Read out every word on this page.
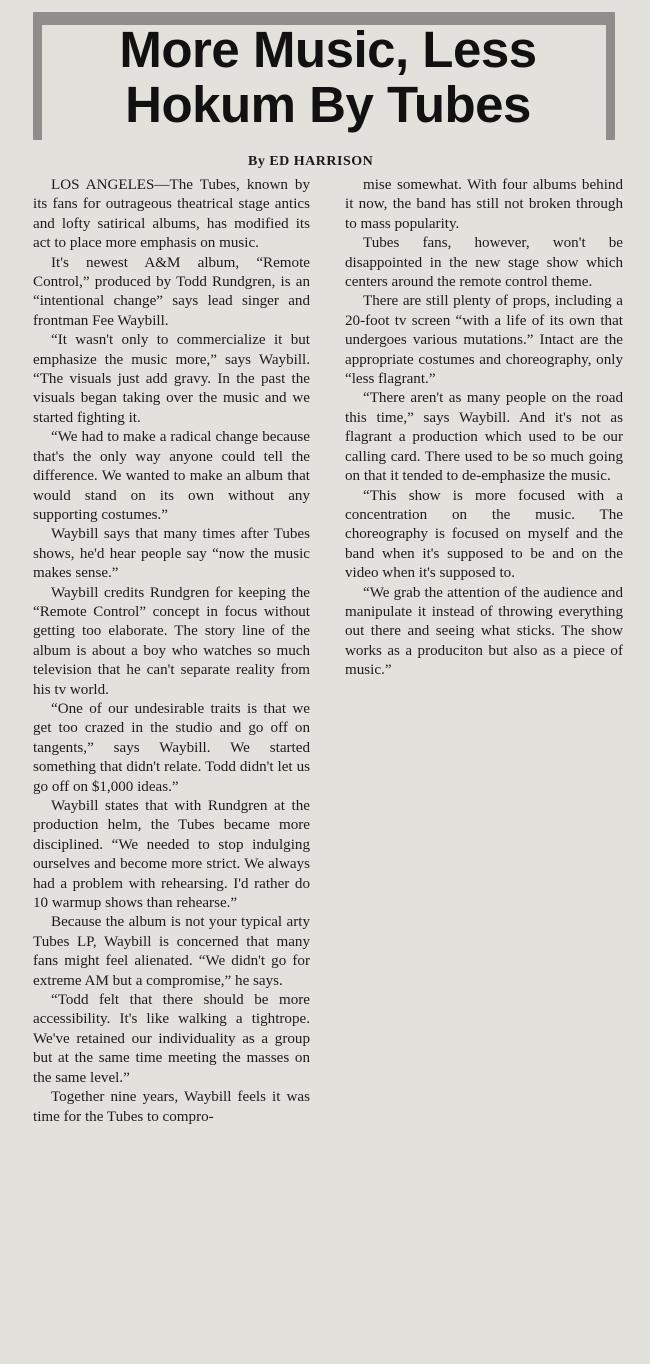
More Music, Less
Hokum By Tubes
By ED HARRISON

LOS ANGELES—The Tubes, known by its fans for outrageous theatrical stage antics and lofty satirical albums, has modified its act to place more emphasis on music.

It's newest A&M album, “Remote Control,” produced by Todd Rundgren, is an “intentional change” says lead singer and frontman Fee Waybill.

“It wasn't only to commercialize it but emphasize the music more,” says Waybill. “The visuals just add gravy. In the past the visuals began taking over the music and we started fighting it.

“We had to make a radical change because that's the only way anyone could tell the difference. We wanted to make an album that would stand on its own without any supporting costumes.”

Waybill says that many times after Tubes shows, he'd hear people say “now the music makes sense.”

Waybill credits Rundgren for keeping the “Remote Control” concept in focus without getting too elaborate. The story line of the album is about a boy who watches so much television that he can't separate reality from his tv world.

“One of our undesirable traits is that we get too crazed in the studio and go off on tangents,” says Waybill. We started something that didn't relate. Todd didn't let us go off on $1,000 ideas.”

Waybill states that with Rundgren at the production helm, the Tubes became more disciplined. “We needed to stop indulging ourselves and become more strict. We always had a problem with rehearsing. I'd rather do 10 warmup shows than rehearse.”

Because the album is not your typical arty Tubes LP, Waybill is concerned that many fans might feel alienated. “We didn't go for extreme AM but a compromise,” he says.

“Todd felt that there should be more accessibility. It's like walking a tightrope. We've retained our individuality as a group but at the same time meeting the masses on the same level.”

Together nine years, Waybill feels it was time for the Tubes to compro-

mise somewhat. With four albums behind it now, the band has still not broken through to mass popularity.

Tubes fans, however, won't be disappointed in the new stage show which centers around the remote control theme.

There are still plenty of props, including a 20-foot tv screen “with a life of its own that undergoes various mutations.” Intact are the appropriate costumes and choreography, only “less flagrant.”

“There aren't as many people on the road this time,” says Waybill. And it's not as flagrant a production which used to be our calling card. There used to be so much going on that it tended to de-emphasize the music.

“This show is more focused with a concentration on the music. The choreography is focused on myself and the band when it's supposed to be and on the video when it's supposed to.

“We grab the attention of the audience and manipulate it instead of throwing everything out there and seeing what sticks. The show works as a produciton but also as a piece of music.”
